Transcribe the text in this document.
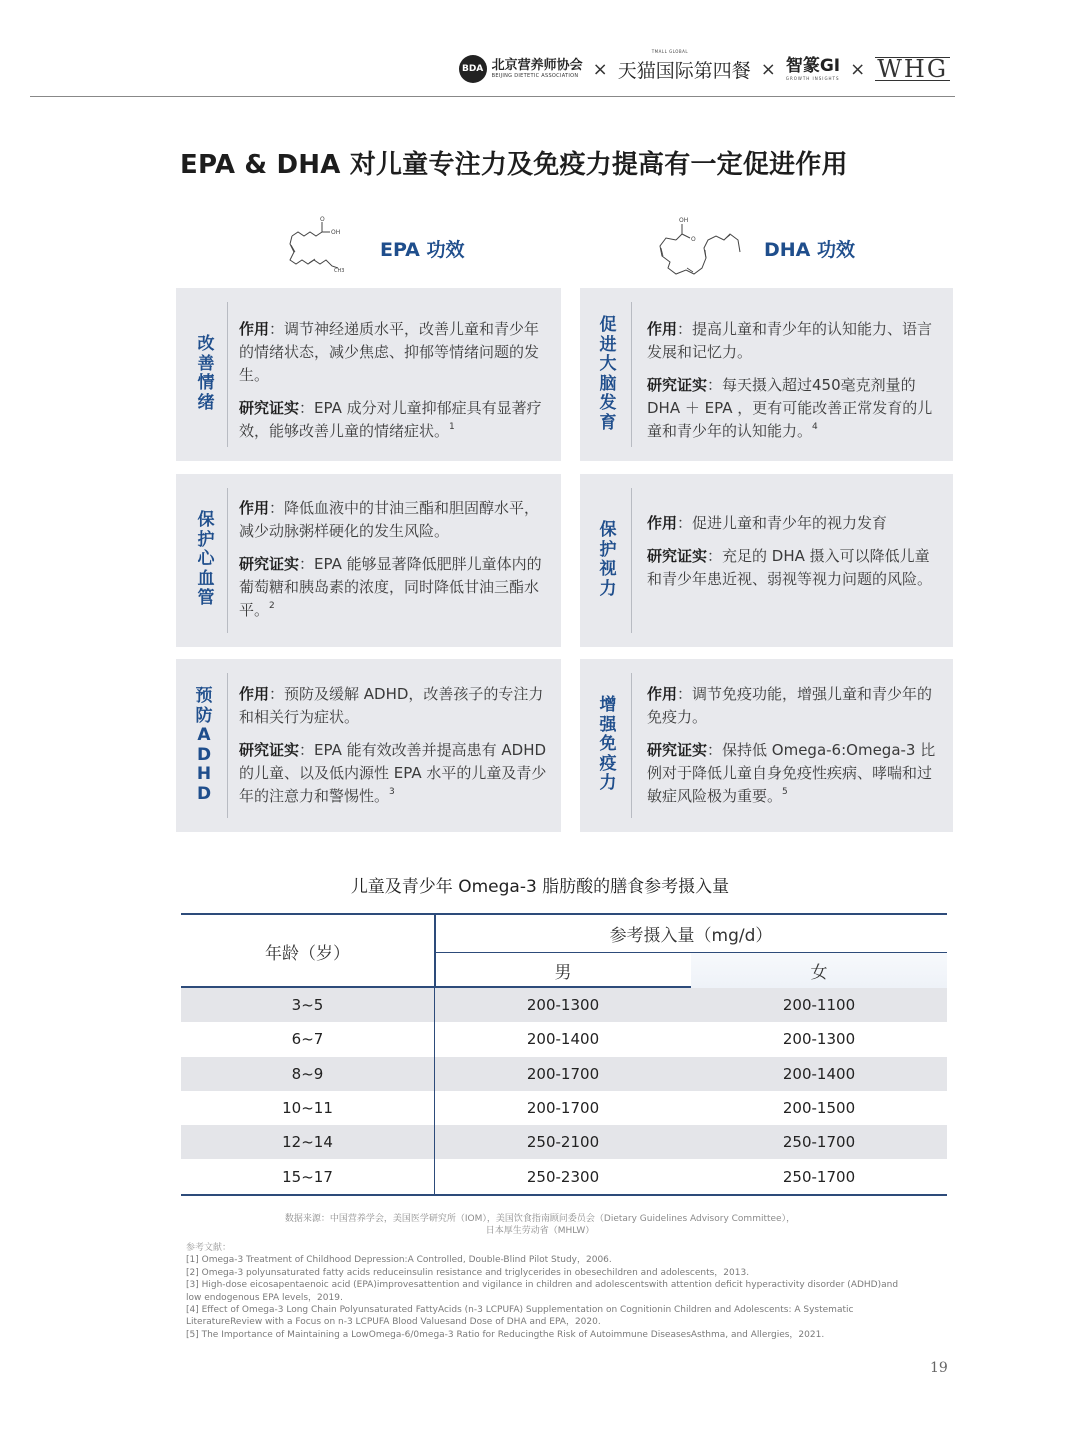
BDA 北京营养师协会
BEIJING DIETETIC ASSOCIATION ×
TMALL GLOBAL
天猫国际第四餐 × 智篆GI
GROWTH INSIGHTS × WHG
EPA & DHA 对儿童专注力及免疫力提高有一定促进作用
O
OH
CH3
EPA 功效
OH
O	DHA 功效
改善情绪

作用：调节神经递质水平，改善儿童和青少年的情绪状态，减少焦虑、抑郁等情绪问题的发生。

研究证实：EPA 成分对儿童抑郁症具有显著疗效，能够改善儿童的情绪症状。$^1$

促进大脑发育

作用：提高儿童和青少年的认知能力、语言发展和记忆力。

研究证实：每天摄入超过450毫克剂量的 DHA ＋ EPA ，更有可能改善正常发育的儿童和青少年的认知能力。$^4$

保护心血管

作用：降低血液中的甘油三酯和胆固醇水平，减少动脉粥样硬化的发生风险。

研究证实：EPA 能够显著降低肥胖儿童体内的葡萄糖和胰岛素的浓度，同时降低甘油三酯水平。$^2$

保护视力

作用：促进儿童和青少年的视力发育

研究证实：充足的 DHA 摄入可以降低儿童和青少年患近视、弱视等视力问题的风险。

预防ADHD

作用：预防及缓解 ADHD，改善孩子的专注力和相关行为症状。

研究证实：EPA 能有效改善并提高患有 ADHD 的儿童、以及低内源性 EPA 水平的儿童及青少年的注意力和警惕性。$^3$

增强免疫力

作用：调节免疫功能，增强儿童和青少年的免疫力。

研究证实：保持低 Omega-6:Omega-3 比例对于降低儿童自身免疫性疾病、哮喘和过敏症风险极为重要。$^5$

儿童及青少年 Omega-3 脂肪酸的膳食参考摄入量
年龄（岁）
参考摄入量（mg/d）
男	女
3~5	200-1300	200-1100
6~7	200-1400	200-1300
8~9	200-1700	200-1400
10~11	200-1700	200-1500
12~14	250-2100	250-1700
15~17	250-2300	250-1700
数据来源：中国营养学会，美国医学研究所（IOM），美国饮食指南顾问委员会（Dietary Guidelines Advisory Committee），
日本厚生劳动省（MHLW）
参考文献：
[1] Omega-3 Treatment of Childhood Depression:A Controlled, Double-Blind Pilot Study，2006.
[2] Omega-3 polyunsaturated fatty acids reduceinsulin resistance and triglycerides in obesechildren and adolescents，2013.
[3] High-dose eicosapentaenoic acid (EPA)improvesattention and vigilance in children and adolescentswith attention deficit hyperactivity disorder (ADHD)and low endogenous EPA levels，2019.
[4] Effect of Omega-3 Long Chain Polyunsaturated FattyAcids (n-3 LCPUFA) Supplementation on Cognitionin Children and Adolescents: A Systematic LiteratureReview with a Focus on n-3 LCPUFA Blood Valuesand Dose of DHA and EPA，2020.
[5] The Importance of Maintaining a LowOmega-6/0mega-3 Ratio for Reducingthe Risk of Autoimmune DiseasesAsthma, and Allergies，2021.
19
